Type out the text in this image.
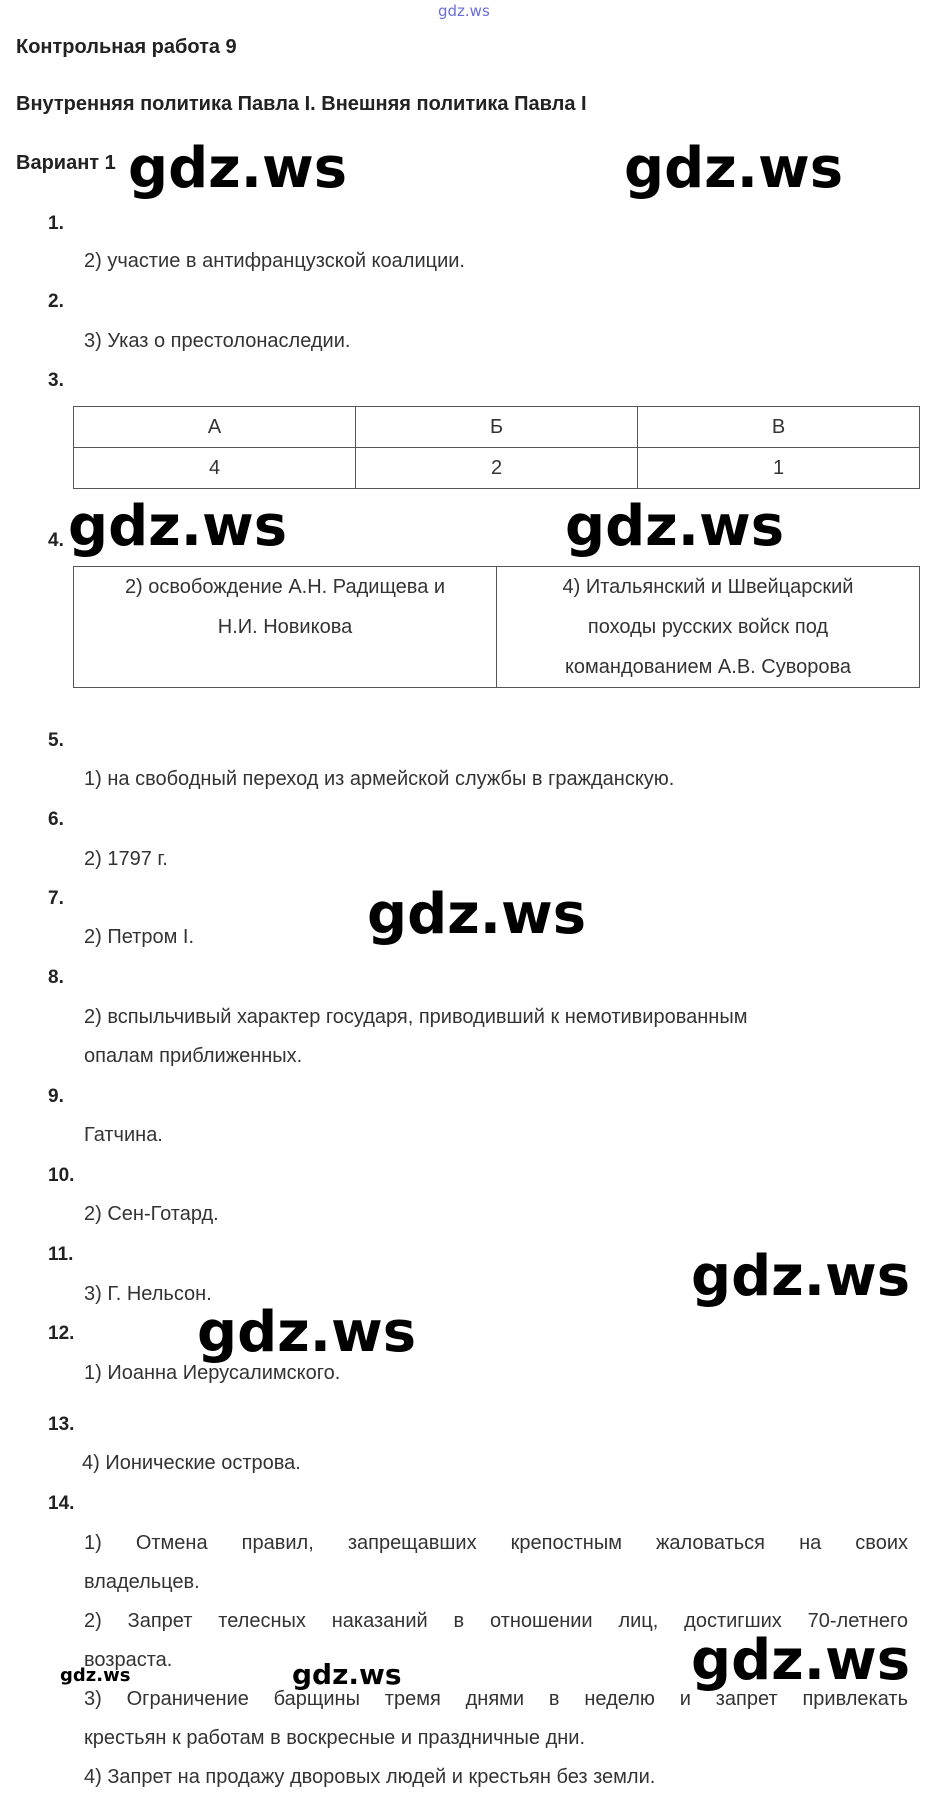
gdz.ws
Контрольная работа 9
Внутренняя политика Павла I. Внешняя политика Павла I
Вариант 1
1.
2) участие в антифранцузской коалиции.
2.
3) Указ о престолонаследии.
3.
А	Б	В
4	2	1
4.
2) освобождение А.Н. Радищева и
Н.И. Новикова

4) Итальянский и Швейцарский
походы русских войск под
командованием А.В. Суворова
5.
1) на свободный переход из армейской службы в гражданскую.
6.
2) 1797 г.
7.
2) Петром I.
8.
2) вспыльчивый характер государя, приводивший к немотивированным
опалам приближенных.
9.
Гатчина.
10.
2) Сен-Готард.
11.
3) Г. Нельсон.
12.
1) Иоанна Иерусалимского.
13.
4) Ионические острова.
14.
1) Отмена правил, запрещавших крепостным жаловаться на своих
владельцев.
2) Запрет телесных наказаний в отношении лиц, достигших 70-летнего
возраста.
3) Ограничение барщины тремя днями в неделю и запрет привлекать
крестьян к работам в воскресные и праздничные дни.
4) Запрет на продажу дворовых людей и крестьян без земли.
gdz.ws	gdz.ws
gdz.ws	gdz.ws
gdz.ws
gdz.ws
gdz.ws
gdz.ws
gdz.ws	gdz.ws
